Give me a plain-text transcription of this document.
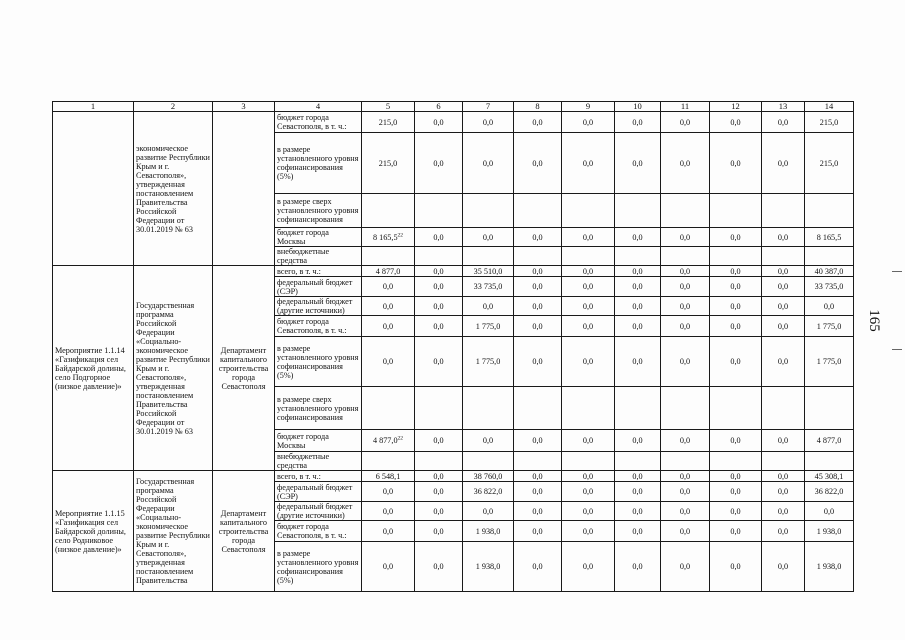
165
1	2	3	4	5	6	7	8	9	10	11	12	13	14
	экономическое развитие Республики Крым и г. Севастополя», утвержденная постановлением Правительства Российской Федерации от 30.01.2019 № 63		бюджет города Севастополя, в т. ч.:	215,0	0,0	0,0	0,0	0,0	0,0	0,0	0,0	0,0	215,0
			в размере установленного уровня софинансирования (5%)	215,0	0,0	0,0	0,0	0,0	0,0	0,0	0,0	0,0	215,0
			в размере сверх установленного уровня софинансирования										
			бюджет города Москвы	8 165,5$^{22}$	0,0	0,0	0,0	0,0	0,0	0,0	0,0	0,0	8 165,5
			внебюджетные средства										
Мероприятие 1.1.14 «Газификация сел Байдарской долины, село Подгорное (низкое давление)»	Государственная программа Российской Федерации «Социально-экономическое развитие Республики Крым и г. Севастополя», утвержденная постановлением Правительства Российской Федерации от 30.01.2019 № 63	Департамент капитального строительства города Севастополя	всего, в т. ч.:	4 877,0	0,0	35 510,0	0,0	0,0	0,0	0,0	0,0	0,0	40 387,0
			федеральный бюджет (СЭР)	0,0	0,0	33 735,0	0,0	0,0	0,0	0,0	0,0	0,0	33 735,0
			федеральный бюджет (другие источники)	0,0	0,0	0,0	0,0	0,0	0,0	0,0	0,0	0,0	0,0
			бюджет города Севастополя, в т. ч.:	0,0	0,0	1 775,0	0,0	0,0	0,0	0,0	0,0	0,0	1 775,0
			в размере установленного уровня софинансирования (5%)	0,0	0,0	1 775,0	0,0	0,0	0,0	0,0	0,0	0,0	1 775,0
			в размере сверх установленного уровня софинансирования										
			бюджет города Москвы	4 877,0$^{22}$	0,0	0,0	0,0	0,0	0,0	0,0	0,0	0,0	4 877,0
			внебюджетные средства										
Мероприятие 1.1.15 «Газификация сел Байдарской долины, село Родниковое (низкое давление)»	Государственная программа Российской Федерации «Социально-экономическое развитие Республики Крым и г. Севастополя», утвержденная постановлением Правительства	Департамент капитального строительства города Севастополя	всего, в т. ч.:	6 548,1	0,0	38 760,0	0,0	0,0	0,0	0,0	0,0	0,0	45 308,1
			федеральный бюджет (СЭР)	0,0	0,0	36 822,0	0,0	0,0	0,0	0,0	0,0	0,0	36 822,0
			федеральный бюджет (другие источники)	0,0	0,0	0,0	0,0	0,0	0,0	0,0	0,0	0,0	0,0
			бюджет города Севастополя, в т. ч.:	0,0	0,0	1 938,0	0,0	0,0	0,0	0,0	0,0	0,0	1 938,0
			в размере установленного уровня софинансирования (5%)	0,0	0,0	1 938,0	0,0	0,0	0,0	0,0	0,0	0,0	1 938,0
